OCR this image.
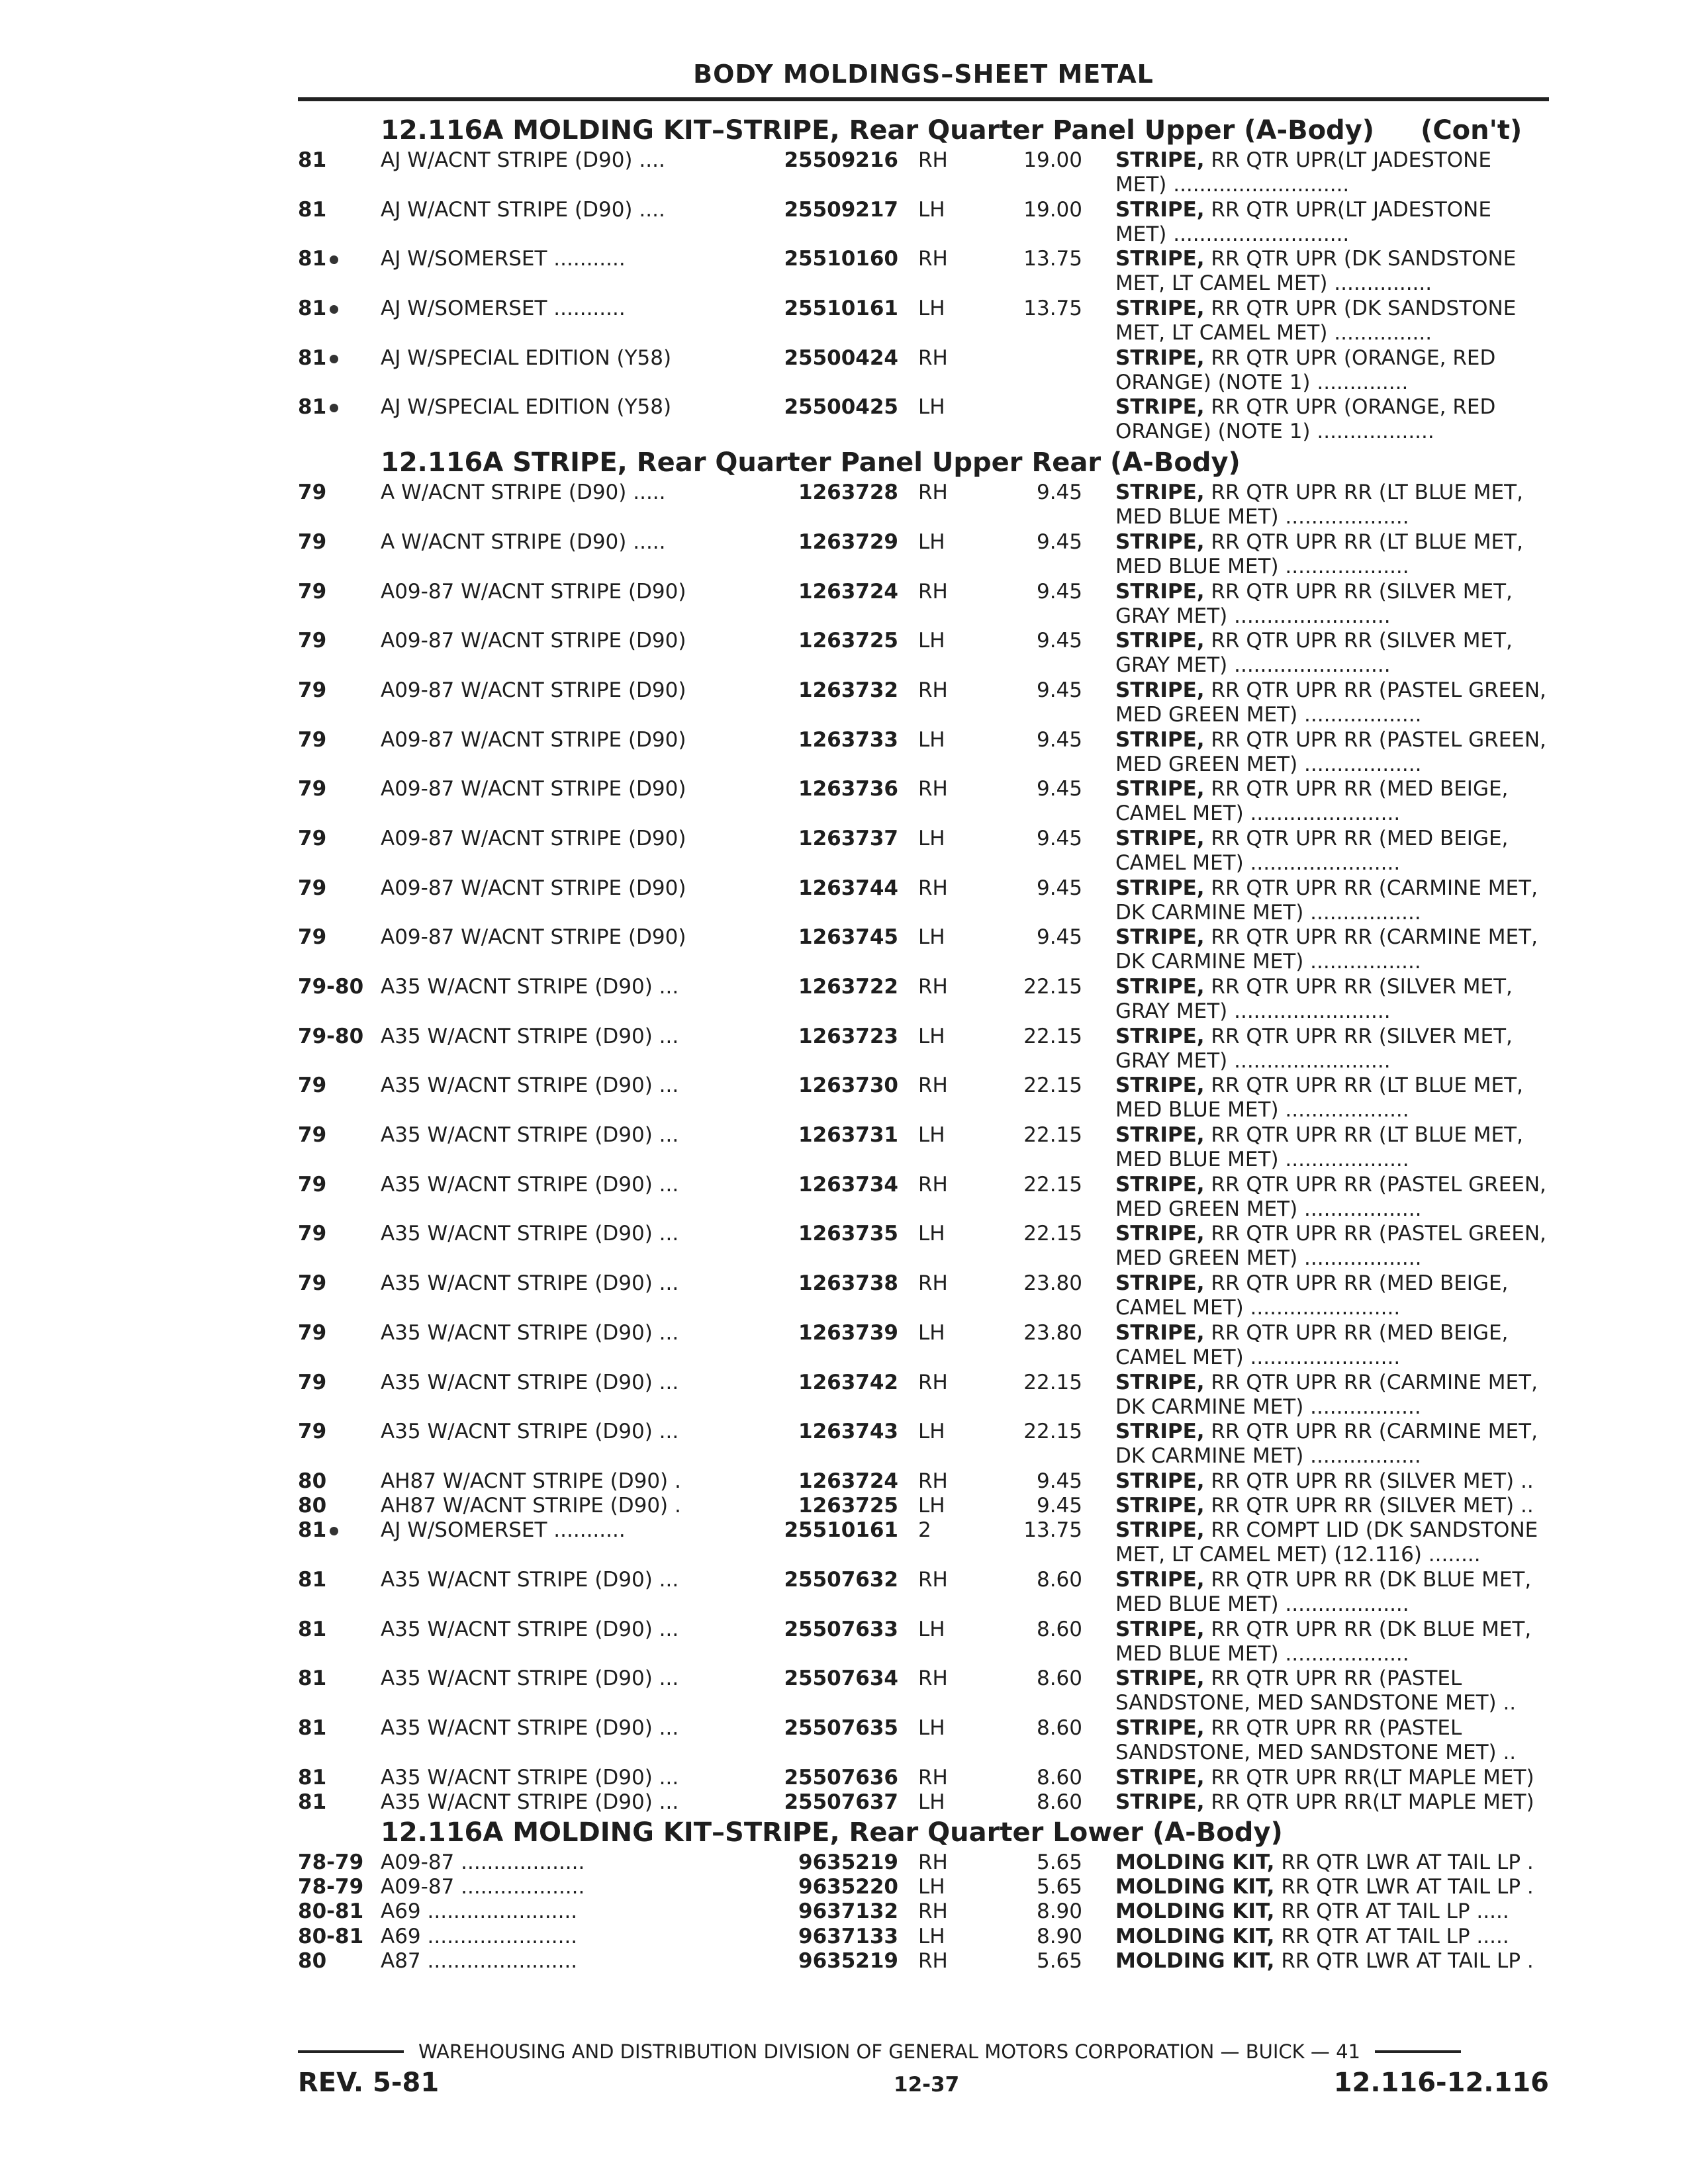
BODY MOLDINGS–SHEET METAL
12.116A MOLDING KIT–STRIPE, Rear Quarter Panel Upper (A-Body) (Con't)
81	AJ W/ACNT STRIPE (D90) ....	25509216 RH	19.00	STRIPE, RR QTR UPR(LT JADESTONE MET) ...........................
81	AJ W/ACNT STRIPE (D90) ....	25509217 LH	19.00	STRIPE, RR QTR UPR(LT JADESTONE MET) ...........................
81	AJ W/SOMERSET ...........	25510160 RH	13.75	STRIPE, RR QTR UPR (DK SANDSTONE MET, LT CAMEL MET) ...............
81	AJ W/SOMERSET ...........	25510161 LH	13.75	STRIPE, RR QTR UPR (DK SANDSTONE MET, LT CAMEL MET) ...............
81	AJ W/SPECIAL EDITION (Y58)	25500424 RH	STRIPE, RR QTR UPR (ORANGE, RED ORANGE) (NOTE 1) ..............
81	AJ W/SPECIAL EDITION (Y58)	25500425 LH	STRIPE, RR QTR UPR (ORANGE, RED ORANGE) (NOTE 1) ..................
12.116A STRIPE, Rear Quarter Panel Upper Rear (A-Body)
79	A W/ACNT STRIPE (D90) .....	1263728 RH	9.45	STRIPE, RR QTR UPR RR (LT BLUE MET, MED BLUE MET) ...................
79	A W/ACNT STRIPE (D90) .....	1263729 LH	9.45	STRIPE, RR QTR UPR RR (LT BLUE MET, MED BLUE MET) ...................
79	A09-87 W/ACNT STRIPE (D90)	1263724 RH	9.45	STRIPE, RR QTR UPR RR (SILVER MET, GRAY MET) ........................
79	A09-87 W/ACNT STRIPE (D90)	1263725 LH	9.45	STRIPE, RR QTR UPR RR (SILVER MET, GRAY MET) ........................
79	A09-87 W/ACNT STRIPE (D90)	1263732 RH	9.45	STRIPE, RR QTR UPR RR (PASTEL GREEN, MED GREEN MET) ..................
79	A09-87 W/ACNT STRIPE (D90)	1263733 LH	9.45	STRIPE, RR QTR UPR RR (PASTEL GREEN, MED GREEN MET) ..................
79	A09-87 W/ACNT STRIPE (D90)	1263736 RH	9.45	STRIPE, RR QTR UPR RR (MED BEIGE, CAMEL MET) .......................
79	A09-87 W/ACNT STRIPE (D90)	1263737 LH	9.45	STRIPE, RR QTR UPR RR (MED BEIGE, CAMEL MET) .......................
79	A09-87 W/ACNT STRIPE (D90)	1263744 RH	9.45	STRIPE, RR QTR UPR RR (CARMINE MET, DK CARMINE MET) .................
79	A09-87 W/ACNT STRIPE (D90)	1263745 LH	9.45	STRIPE, RR QTR UPR RR (CARMINE MET, DK CARMINE MET) .................
79-80 A35 W/ACNT STRIPE (D90) ...	1263722 RH	22.15	STRIPE, RR QTR UPR RR (SILVER MET, GRAY MET) ........................
79-80 A35 W/ACNT STRIPE (D90) ...	1263723 LH	22.15	STRIPE, RR QTR UPR RR (SILVER MET, GRAY MET) ........................
79	A35 W/ACNT STRIPE (D90) ...	1263730 RH	22.15	STRIPE, RR QTR UPR RR (LT BLUE MET, MED BLUE MET) ...................
79	A35 W/ACNT STRIPE (D90) ...	1263731 LH	22.15	STRIPE, RR QTR UPR RR (LT BLUE MET, MED BLUE MET) ...................
79	A35 W/ACNT STRIPE (D90) ...	1263734 RH	22.15	STRIPE, RR QTR UPR RR (PASTEL GREEN, MED GREEN MET) ..................
79	A35 W/ACNT STRIPE (D90) ...	1263735 LH	22.15	STRIPE, RR QTR UPR RR (PASTEL GREEN, MED GREEN MET) ..................
79	A35 W/ACNT STRIPE (D90) ...	1263738 RH	23.80	STRIPE, RR QTR UPR RR (MED BEIGE, CAMEL MET) .......................
79	A35 W/ACNT STRIPE (D90) ...	1263739 LH	23.80	STRIPE, RR QTR UPR RR (MED BEIGE, CAMEL MET) .......................
79	A35 W/ACNT STRIPE (D90) ...	1263742 RH	22.15	STRIPE, RR QTR UPR RR (CARMINE MET, DK CARMINE MET) .................
79	A35 W/ACNT STRIPE (D90) ...	1263743 LH	22.15	STRIPE, RR QTR UPR RR (CARMINE MET, DK CARMINE MET) .................
80	AH87 W/ACNT STRIPE (D90) .	1263724 RH	9.45	STRIPE, RR QTR UPR RR (SILVER MET) ..
80	AH87 W/ACNT STRIPE (D90) .	1263725 LH	9.45	STRIPE, RR QTR UPR RR (SILVER MET) ..
81	AJ W/SOMERSET ...........	25510161 2	13.75	STRIPE, RR COMPT LID (DK SANDSTONE MET, LT CAMEL MET) (12.116) ........
81	A35 W/ACNT STRIPE (D90) ...	25507632 RH	8.60	STRIPE, RR QTR UPR RR (DK BLUE MET, MED BLUE MET) ...................
81	A35 W/ACNT STRIPE (D90) ...	25507633 LH	8.60	STRIPE, RR QTR UPR RR (DK BLUE MET, MED BLUE MET) ...................
81	A35 W/ACNT STRIPE (D90) ...	25507634 RH	8.60	STRIPE, RR QTR UPR RR (PASTEL SANDSTONE, MED SANDSTONE MET) ..
81	A35 W/ACNT STRIPE (D90) ...	25507635 LH	8.60	STRIPE, RR QTR UPR RR (PASTEL SANDSTONE, MED SANDSTONE MET) ..
81	A35 W/ACNT STRIPE (D90) ...	25507636 RH	8.60	STRIPE, RR QTR UPR RR(LT MAPLE MET)
81	A35 W/ACNT STRIPE (D90) ...	25507637 LH	8.60	STRIPE, RR QTR UPR RR(LT MAPLE MET)
12.116A MOLDING KIT–STRIPE, Rear Quarter Lower (A-Body)
78-79 A09-87 ...................	9635219 RH	5.65	MOLDING KIT, RR QTR LWR AT TAIL LP .
78-79 A09-87 ...................	9635220 LH	5.65	MOLDING KIT, RR QTR LWR AT TAIL LP .
80-81 A69 .......................	9637132 RH	8.90	MOLDING KIT, RR QTR AT TAIL LP .....
80-81 A69 .......................	9637133 LH	8.90	MOLDING KIT, RR QTR AT TAIL LP .....
80	A87 .......................	9635219 RH	5.65	MOLDING KIT, RR QTR LWR AT TAIL LP .
WAREHOUSING AND DISTRIBUTION DIVISION OF GENERAL MOTORS CORPORATION — BUICK — 41
REV. 5-81	12-37	12.116-12.116
